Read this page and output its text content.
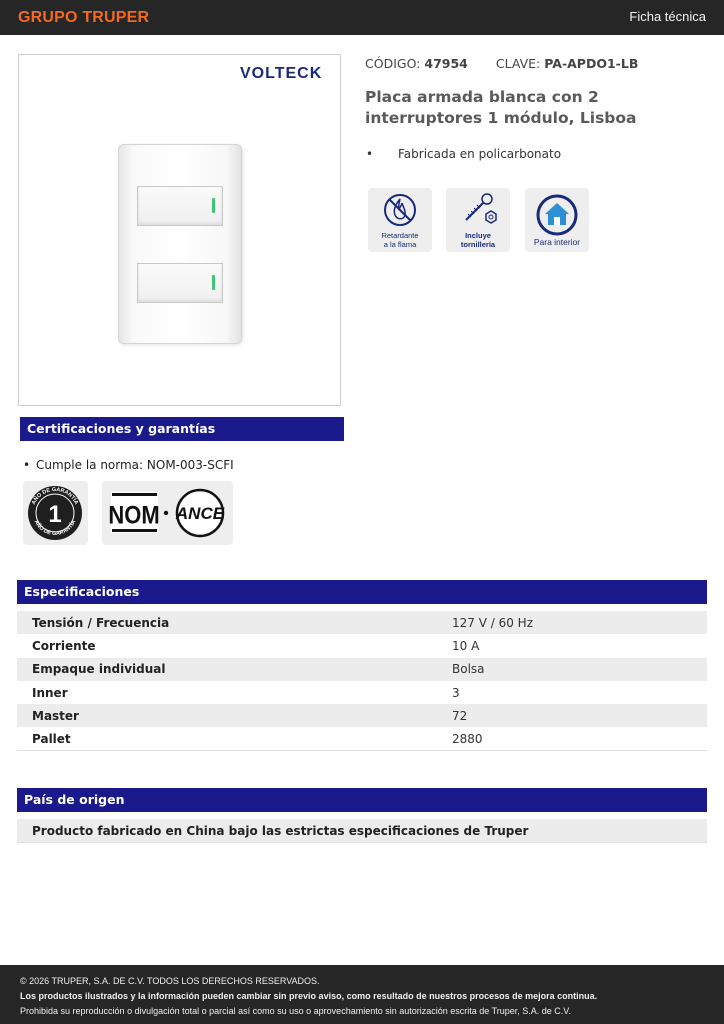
GRUPO TRUPER	Ficha técnica
VOLTECK
CÓDIGO: 47954 CLAVE: PA-APDO1-LB
Placa armada blanca con 2 interruptores 1 módulo, Lisboa
• Fabricada en policarbonato
Retardante
a la flama
Incluye
tornillería	Para interior
Certificaciones y garantías
• Cumple la norma: NOM-003-SCFI
1
AÑO DE GARANTÍA
AÑO DE GARANTÍA NOM ANCE
Especificaciones
Tensión / Frecuencia	127 V / 60 Hz
Corriente	10 A
Empaque individual	Bolsa
Inner	3
Master	72
Pallet	2880
País de origen
Producto fabricado en China bajo las estrictas especificaciones de Truper
© 2026 TRUPER, S.A. DE C.V. TODOS LOS DERECHOS RESERVADOS.
Los productos ilustrados y la información pueden cambiar sin previo aviso, como resultado de nuestros procesos de mejora continua.
Prohibida su reproducción o divulgación total o parcial así como su uso o aprovechamiento sin autorización escrita de Truper, S.A. de C.V.
